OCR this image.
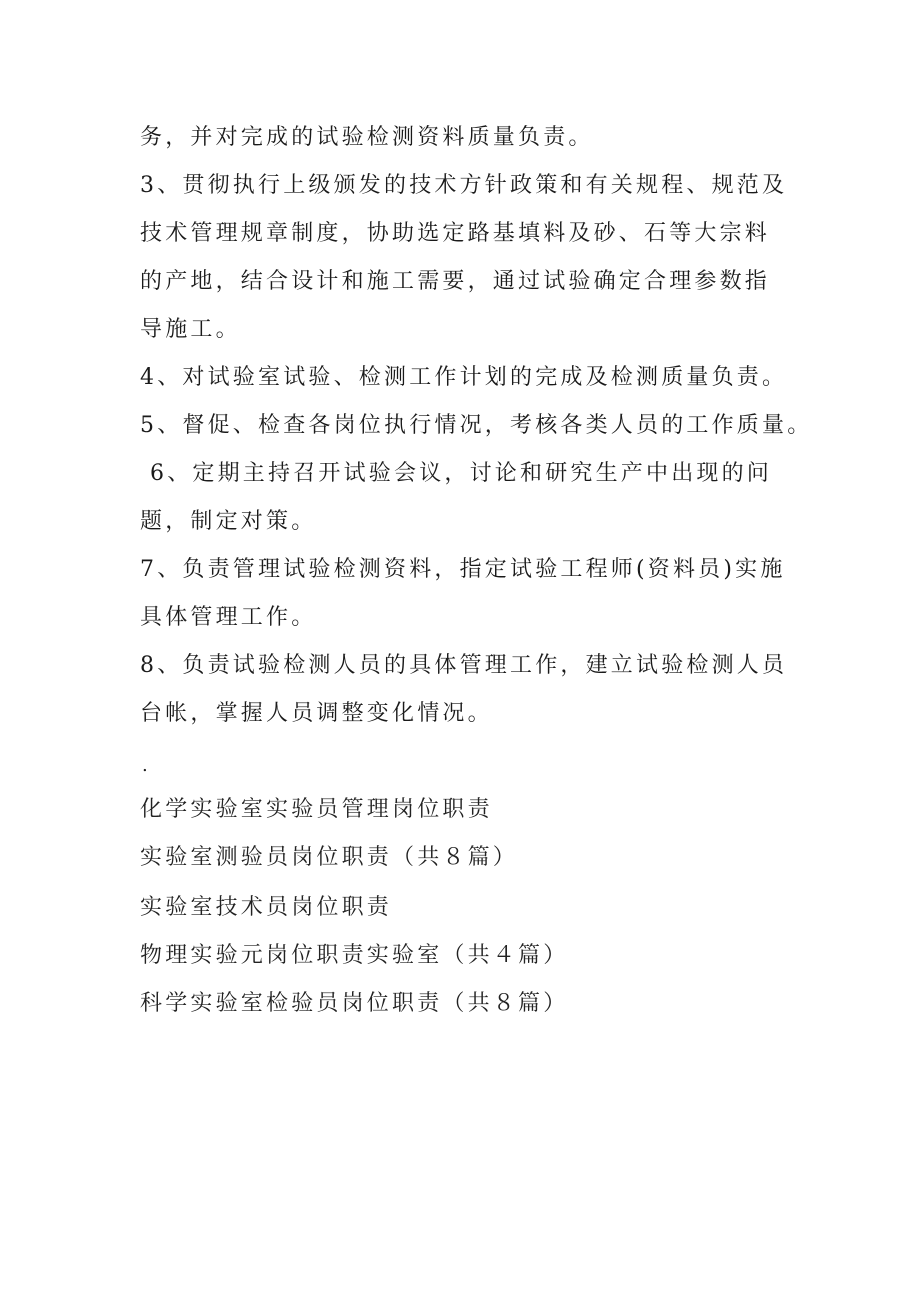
务，并对完成的试验检测资料质量负责。
3、贯彻执行上级颁发的技术方针政策和有关规程、规范及
技术管理规章制度，协助选定路基填料及砂、石等大宗料
的产地，结合设计和施工需要，通过试验确定合理参数指
导施工。
4、对试验室试验、检测工作计划的完成及检测质量负责。
5、督促、检查各岗位执行情况，考核各类人员的工作质量。
6、定期主持召开试验会议，讨论和研究生产中出现的问
题，制定对策。
7、负责管理试验检测资料，指定试验工程师(资料员)实施
具体管理工作。
8、负责试验检测人员的具体管理工作，建立试验检测人员
台帐，掌握人员调整变化情况。
.
化学实验室实验员管理岗位职责
实验室测验员岗位职责（共８篇）
实验室技术员岗位职责
物理实验元岗位职责实验室（共４篇）
科学实验室检验员岗位职责（共８篇）
